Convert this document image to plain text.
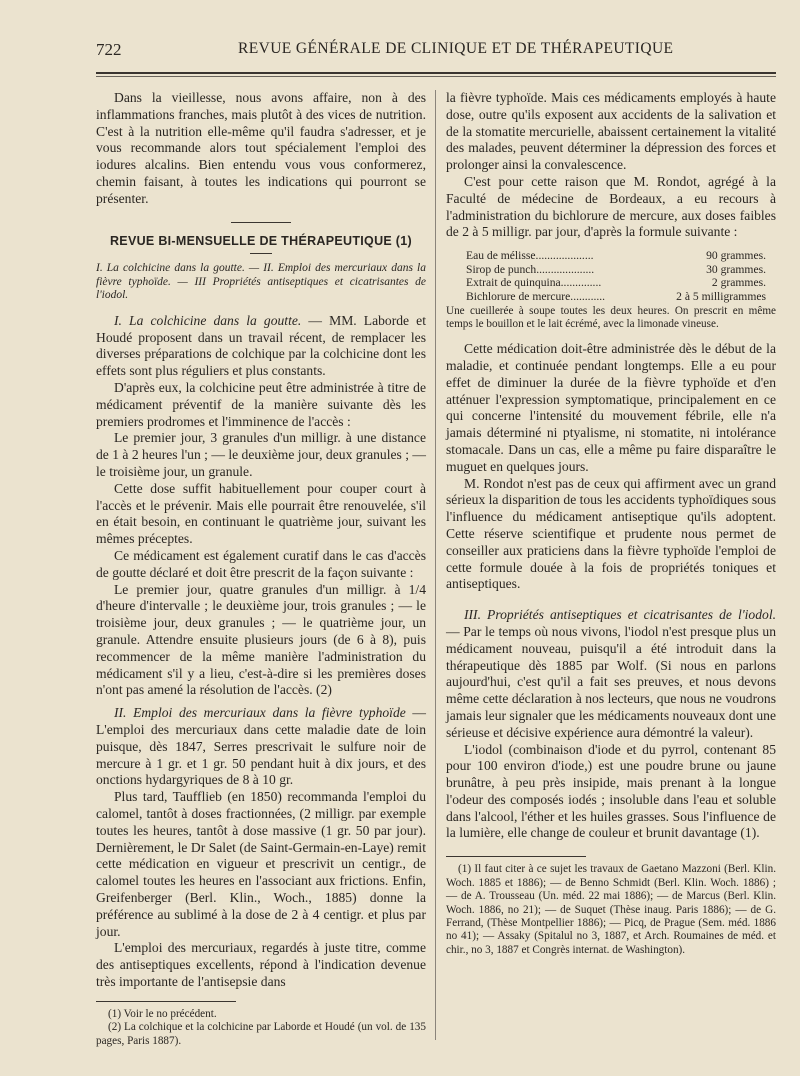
722	REVUE GÉNÉRALE DE CLINIQUE ET DE THÉRAPEUTIQUE

Dans la vieillesse, nous avons affaire, non à des inflammations franches, mais plutôt à des vices de nutrition. C'est à la nutrition elle-même qu'il faudra s'adresser, et je vous recommande alors tout spécialement l'emploi des iodures alcalins. Bien entendu vous vous conformerez, chemin faisant, à toutes les indications qui pourront se présenter.

REVUE BI-MENSUELLE DE THÉRAPEUTIQUE (1)

I. La colchicine dans la goutte. — II. Emploi des mercuriaux dans la fièvre typhoïde. — III Propriétés antiseptiques et cicatrisantes de l'iodol.

I. La colchicine dans la goutte. — MM. Laborde et Houdé proposent dans un travail récent, de remplacer les diverses préparations de colchique par la colchicine dont les effets sont plus réguliers et plus constants.

D'après eux, la colchicine peut être administrée à titre de médicament préventif de la manière suivante dès les premiers prodromes et l'imminence de l'accès :

Le premier jour, 3 granules d'un milligr. à une distance de 1 à 2 heures l'un ; — le deuxième jour, deux granules ; — le troisième jour, un granule.

Cette dose suffit habituellement pour couper court à l'accès et le prévenir. Mais elle pourrait être renouvelée, s'il en était besoin, en continuant le quatrième jour, suivant les mêmes préceptes.

Ce médicament est également curatif dans le cas d'accès de goutte déclaré et doit être prescrit de la façon suivante :

Le premier jour, quatre granules d'un milligr. à 1/4 d'heure d'intervalle ; le deuxième jour, trois granules ; — le troisième jour, deux granules ; — le quatrième jour, un granule. Attendre ensuite plusieurs jours (de 6 à 8), puis recommencer de la même manière l'administration du médicament s'il y a lieu, c'est-à-dire si les premières doses n'ont pas amené la résolution de l'accès. (2)

II. Emploi des mercuriaux dans la fièvre typhoïde — L'emploi des mercuriaux dans cette maladie date de loin puisque, dès 1847, Serres prescrivait le sulfure noir de mercure à 1 gr. et 1 gr. 50 pendant huit à dix jours, et des onctions hydargyriques de 8 à 10 gr.

Plus tard, Taufflieb (en 1850) recommanda l'emploi du calomel, tantôt à doses fractionnées, (2 milligr. par exemple toutes les heures, tantôt à dose massive (1 gr. 50 par jour). Dernièrement, le Dr Salet (de Saint-Germain-en-Laye) remit cette médication en vigueur et prescrivit un centigr., de calomel toutes les heures en l'associant aux frictions. Enfin, Greifenberger (Berl. Klin., Woch., 1885) donne la préférence au sublimé à la dose de 2 à 4 centigr. et plus par jour.

L'emploi des mercuriaux, regardés à juste titre, comme des antiseptiques excellents, répond à l'indication devenue très importante de l'antisepsie dans

(1) Voir le no précédent.

(2) La colchique et la colchicine par Laborde et Houdé (un vol. de 135 pages, Paris 1887).

la fièvre typhoïde. Mais ces médicaments employés à haute dose, outre qu'ils exposent aux accidents de la salivation et de la stomatite mercurielle, abaissent certainement la vitalité des malades, peuvent déterminer la dépression des forces et prolonger ainsi la convalescence.

C'est pour cette raison que M. Rondot, agrégé à la Faculté de médecine de Bordeaux, a eu recours à l'administration du bichlorure de mercure, aux doses faibles de 2 à 5 milligr. par jour, d'après la formule suivante :

Eau de mélisse....................	90 grammes.
Sirop de punch....................	30 grammes.
Extrait de quinquina..............	2 grammes.
Bichlorure de mercure............	2 à 5 milligrammes

Une cueillerée à soupe toutes les deux heures. On prescrit en même temps le bouillon et le lait écrémé, avec la limonade vineuse.

Cette médication doit-être administrée dès le début de la maladie, et continuée pendant longtemps. Elle a eu pour effet de diminuer la durée de la fièvre typhoïde et d'en atténuer l'expression symptomatique, principalement en ce qui concerne l'intensité du mouvement fébrile, elle n'a jamais déterminé ni ptyalisme, ni stomatite, ni intolérance stomacale. Dans un cas, elle a même pu faire disparaître le muguet en quelques jours.

M. Rondot n'est pas de ceux qui affirment avec un grand sérieux la disparition de tous les accidents typhoïdiques sous l'influence du médicament antiseptique qu'ils adoptent. Cette réserve scientifique et prudente nous permet de conseiller aux praticiens dans la fièvre typhoïde l'emploi de cette formule douée à la fois de propriétés toniques et antiseptiques.

III. Propriétés antiseptiques et cicatrisantes de l'iodol. — Par le temps où nous vivons, l'iodol n'est presque plus un médicament nouveau, puisqu'il a été introduit dans la thérapeutique dès 1885 par Wolf. (Si nous en parlons aujourd'hui, c'est qu'il a fait ses preuves, et nous devons même cette déclaration à nos lecteurs, que nous ne voudrons jamais leur signaler que les médicaments nouveaux dont une sérieuse et décisive expérience aura démontré la valeur).

L'iodol (combinaison d'iode et du pyrrol, contenant 85 pour 100 environ d'iode,) est une poudre brune ou jaune brunâtre, à peu près insipide, mais prenant à la longue l'odeur des composés iodés ; insoluble dans l'eau et soluble dans l'alcool, l'éther et les huiles grasses. Sous l'influence de la lumière, elle change de couleur et brunit davantage (1).

(1) Il faut citer à ce sujet les travaux de Gaetano Mazzoni (Berl. Klin. Woch. 1885 et 1886); — de Benno Schmidt (Berl. Klin. Woch. 1886) ; — de A. Trousseau (Un. méd. 22 mai 1886); — de Marcus (Berl. Klin. Woch. 1886, no 21); — de Suquet (Thèse inaug. Paris 1886); — de G. Ferrand, (Thèse Montpellier 1886); — Picq, de Prague (Sem. méd. 1886 no 41); — Assaky (Spitalul no 3, 1887, et Arch. Roumaines de méd. et chir., no 3, 1887 et Congrès internat. de Washington).
